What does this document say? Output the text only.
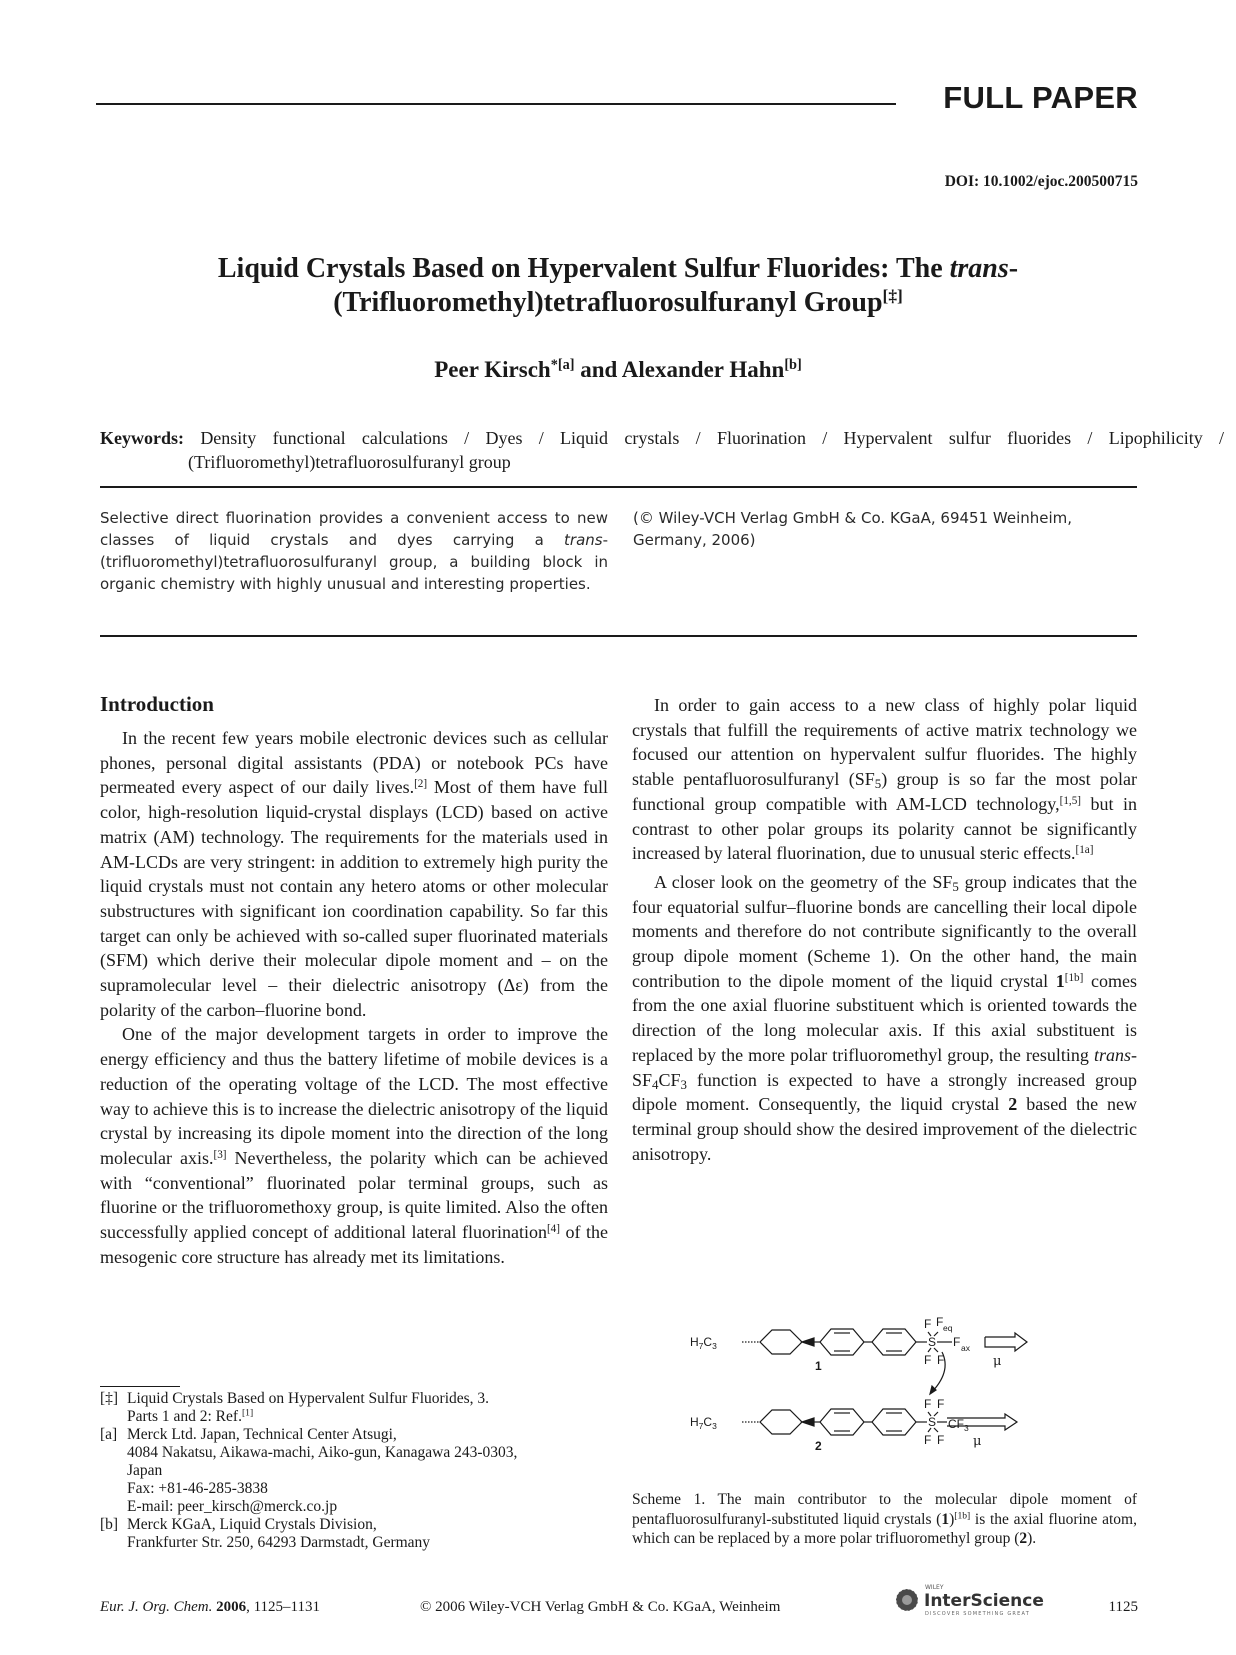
FULL PAPER
DOI: 10.1002/ejoc.200500715
Liquid Crystals Based on Hypervalent Sulfur Fluorides: The trans-
(Trifluoromethyl)tetrafluorosulfuranyl Group[‡]
Peer Kirsch$^{*[a]}$ and Alexander Hahn[b]
Keywords: Density functional calculations / Dyes / Liquid crystals / Fluorination / Hypervalent sulfur fluorides / Lipophilicity / (Trifluoromethyl)tetrafluorosulfuranyl group
Selective direct fluorination provides a convenient access to new classes of liquid crystals and dyes carrying a trans-(trifluoromethyl)tetrafluorosulfuranyl group, a building block in organic chemistry with highly unusual and interesting properties.
(© Wiley-VCH Verlag GmbH & Co. KGaA, 69451 Weinheim, Germany, 2006)
Introduction

In the recent few years mobile electronic devices such as cellular phones, personal digital assistants (PDA) or notebook PCs have permeated every aspect of our daily lives.[2] Most of them have full color, high-resolution liquid-crystal displays (LCD) based on active matrix (AM) technology. The requirements for the materials used in AM-LCDs are very stringent: in addition to extremely high purity the liquid crystals must not contain any hetero atoms or other molecular substructures with significant ion coordination capability. So far this target can only be achieved with so-called super fluorinated materials (SFM) which derive their molecular dipole moment and – on the supramolecular level – their dielectric anisotropy (Δε) from the polarity of the carbon–fluorine bond.

One of the major development targets in order to improve the energy efficiency and thus the battery lifetime of mobile devices is a reduction of the operating voltage of the LCD. The most effective way to achieve this is to increase the dielectric anisotropy of the liquid crystal by increasing its dipole moment into the direction of the long molecular axis.[3] Nevertheless, the polarity which can be achieved with “conventional” fluorinated polar terminal groups, such as fluorine or the trifluoromethoxy group, is quite limited. Also the often successfully applied concept of additional lateral fluorination[4] of the mesogenic core structure has already met its limitations.

In order to gain access to a new class of highly polar liquid crystals that fulfill the requirements of active matrix technology we focused our attention on hypervalent sulfur fluorides. The highly stable pentafluorosulfuranyl $(SF_5)$ group is so far the most polar functional group compatible with AM-LCD technology,[1,5] but in contrast to other polar groups its polarity cannot be significantly increased by lateral fluorination, due to unusual steric effects.[1a]

A closer look on the geometry of the $SF_5$ group indicates that the four equatorial sulfur–fluorine bonds are cancelling their local dipole moments and therefore do not contribute significantly to the overall group dipole moment (Scheme 1). On the other hand, the main contribution to the dipole moment of the liquid crystal 1[1b] comes from the one axial fluorine substituent which is oriented towards the direction of the long molecular axis. If this axial substituent is replaced by the more polar trifluoromethyl group, the resulting trans-$SF_4CF_3$ function is expected to have a strongly increased group dipole moment. Consequently, the liquid crystal 2 based the new terminal group should show the desired improvement of the dielectric anisotropy.

[‡] Liquid Crystals Based on Hypervalent Sulfur Fluorides, 3.
Parts 1 and 2: Ref.[1]
[a] Merck Ltd. Japan, Technical Center Atsugi,
4084 Nakatsu, Aikawa-machi, Aiko-gun, Kanagawa 243-0303,
Japan
Fax: +81-46-285-3838
E-mail: peer_kirsch@merck.co.jp
[b] Merck KGaA, Liquid Crystals Division,
Frankfurter Str. 250, 64293 Darmstadt, Germany
$H_7C_3$	S
F F eq
F F
F ax
1	μ
$H_7C_3$	S
F F
F F
$CF_3$
2	μ
Scheme 1. The main contributor to the molecular dipole moment of pentafluorosulfuranyl-substituted liquid crystals (1)[1b] is the axial fluorine atom, which can be replaced by a more polar trifluoromethyl group (2).
Eur. J. Org. Chem. 2006, 1125–1131	© 2006 Wiley-VCH Verlag GmbH & Co. KGaA, Weinheim
WILEY
InterScience
DISCOVER SOMETHING GREAT	1125
